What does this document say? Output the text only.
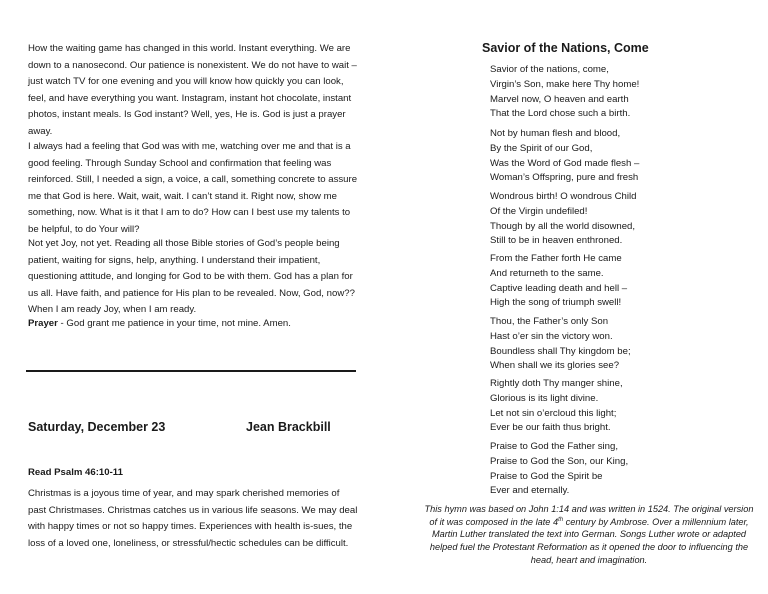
How the waiting game has changed in this world. Instant everything. We are down to a nanosecond. Our patience is nonexistent. We do not have to wait – just watch TV for one evening and you will know how quickly you can look, feel, and have everything you want. Instagram, instant hot chocolate, instant photos, instant meals. Is God instant? Well, yes, He is. God is just a prayer away.

I always had a feeling that God was with me, watching over me and that is a good feeling. Through Sunday School and confirmation that feeling was reinforced. Still, I needed a sign, a voice, a call, something concrete to assure me that God is here. Wait, wait, wait. I can’t stand it. Right now, show me something, now. What is it that I am to do? How can I best use my talents to be helpful, to do Your will?

Not yet Joy, not yet. Reading all those Bible stories of God’s people being patient, waiting for signs, help, anything. I understand their impatient, questioning attitude, and longing for God to be with them. God has a plan for us all. Have faith, and patience for His plan to be revealed. Now, God, now?? When I am ready Joy, when I am ready.

Prayer - God grant me patience in your time, not mine. Amen.

Saturday, December 23	Jean Brackbill
Read Psalm 46:10-11

Christmas is a joyous time of year, and may spark cherished memories of past Christmases. Christmas catches us in various life seasons. We may deal with happy times or not so happy times. Experiences with health is-sues, the loss of a loved one, loneliness, or stressful/hectic schedules can be difficult.

Savior of the Nations, Come

Savior of the nations, come,
Virgin’s Son, make here Thy home!
Marvel now, O heaven and earth
That the Lord chose such a birth.

Not by human flesh and blood,
By the Spirit of our God,
Was the Word of God made flesh –
Woman’s Offspring, pure and fresh

Wondrous birth! O wondrous Child
Of the Virgin undefiled!
Though by all the world disowned,
Still to be in heaven enthroned.

From the Father forth He came
And returneth to the same.
Captive leading death and hell –
High the song of triumph swell!

Thou, the Father’s only Son
Hast o’er sin the victory won.
Boundless shall Thy kingdom be;
When shall we its glories see?

Rightly doth Thy manger shine,
Glorious is its light divine.
Let not sin o’ercloud this light;
Ever be our faith thus bright.

Praise to God the Father sing,
Praise to God the Son, our King,
Praise to God the Spirit be
Ever and eternally.

This hymn was based on John 1:14 and was written in 1524. The original version of it was composed in the late 4th century by Ambrose. Over a millennium later, Martin Luther translated the text into German. Songs Luther wrote or adapted helped fuel the Protestant Reformation as it opened the door to influencing the head, heart and imagination.
